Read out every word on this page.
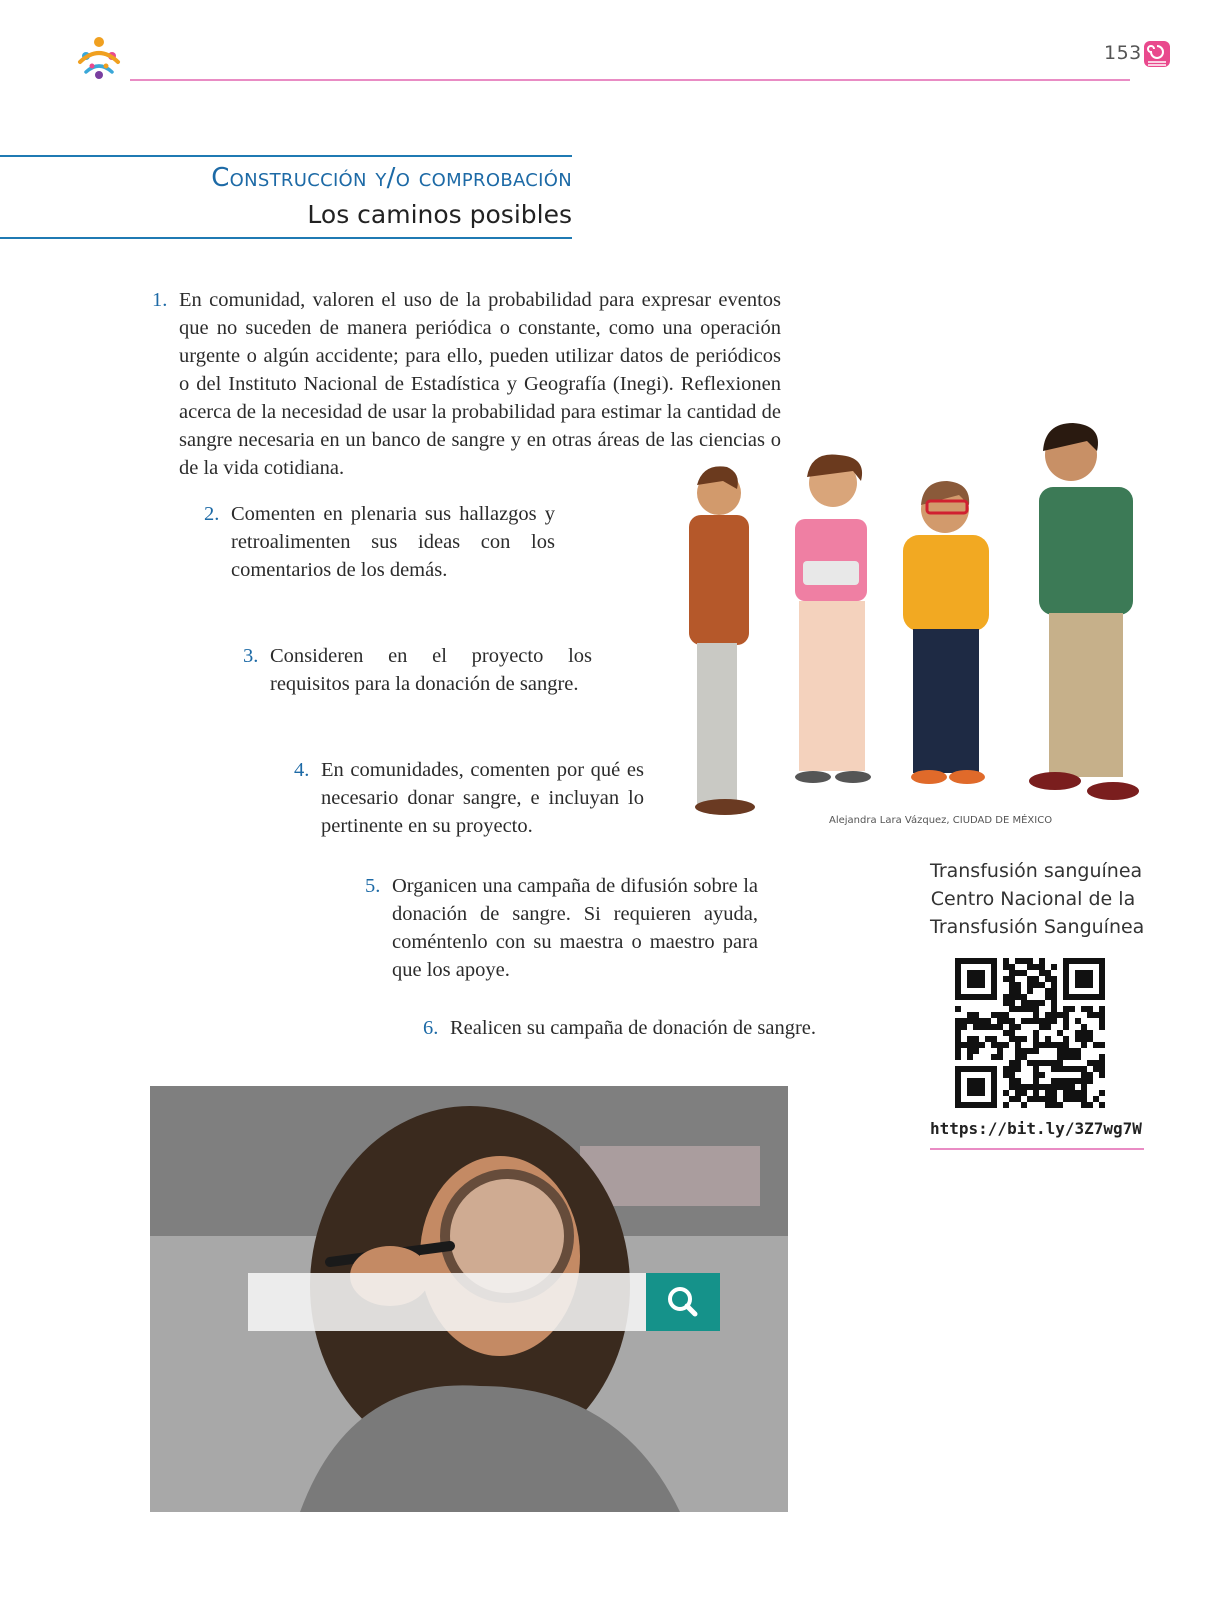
153
Construcción y/o comprobación
Los caminos posibles
1. En comunidad, valoren el uso de la probabilidad para expresar eventos que no suceden de manera periódica o constante, como una operación urgente o algún accidente; para ello, pueden utilizar datos de periódicos o del Instituto Nacional de Estadística y Geografía (Inegi). Reflexionen acerca de la necesidad de usar la probabilidad para estimar la cantidad de sangre necesaria en un banco de sangre y en otras áreas de las ciencias o de la vida cotidiana.
2. Comenten en plenaria sus hallazgos y retroalimenten sus ideas con los comentarios de los demás.
3. Consideren en el proyecto los requisitos para la donación de sangre.
4. En comunidades, comenten por qué es necesario donar sangre, e incluyan lo pertinente en su proyecto.
5. Organicen una campaña de difusión sobre la donación de sangre. Si requieren ayuda, coméntenlo con su maestra o maestro para que los apoye.
6. Realicen su campaña de donación de sangre.
Alejandra Lara Vázquez, CIUDAD DE MÉXICO
Transfusión sanguínea
Centro Nacional de la
Transfusión Sanguínea
https://bit.ly/3Z7wg7W
